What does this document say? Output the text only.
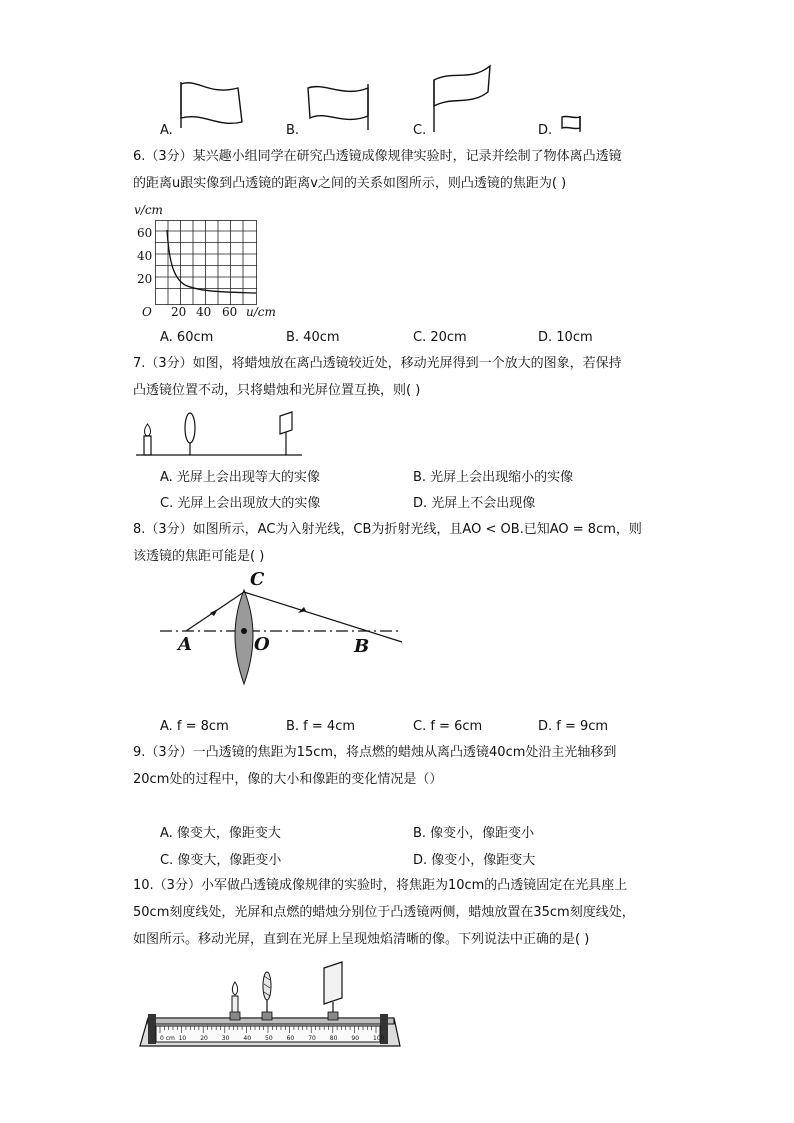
A.	B.	C.	D.
6.（3分）某兴趣小组同学在研究凸透镜成像规律实验时，记录并绘制了物体离凸透镜
的距离u跟实像到凸透镜的距离v之间的关系如图所示，则凸透镜的焦距为( )
v/cm
60
40
20
O 20 40 60 u/cm
A. 60cm	B. 40cm	C. 20cm	D. 10cm
7.（3分）如图，将蜡烛放在离凸透镜较近处，移动光屏得到一个放大的图象，若保持
凸透镜位置不动，只将蜡烛和光屏位置互换，则( )
A. 光屏上会出现等大的实像	B. 光屏上会出现缩小的实像
C. 光屏上会出现放大的实像	D. 光屏上不会出现像
8.（3分）如图所示，AC为入射光线，CB为折射光线，且AO < OB.已知AO = 8cm，则
该透镜的焦距可能是( )
C
A	O	B
A. f = 8cm	B. f = 4cm	C. f = 6cm	D. f = 9cm
9.（3分）一凸透镜的焦距为15cm，将点燃的蜡烛从离凸透镜40cm处沿主光轴移到
20cm处的过程中，像的大小和像距的变化情况是（）
A. 像变大，像距变大	B. 像变小，像距变小
C. 像变大，像距变小	D. 像变小，像距变大
10.（3分）小军做凸透镜成像规律的实验时，将焦距为10cm的凸透镜固定在光具座上
50cm刻度线处，光屏和点燃的蜡烛分别位于凸透镜两侧，蜡烛放置在35cm刻度线处，
如图所示。移动光屏，直到在光屏上呈现烛焰清晰的像。下列说法中正确的是( )
0 cm 10 20 30 40 50 60 70 80 90 100
